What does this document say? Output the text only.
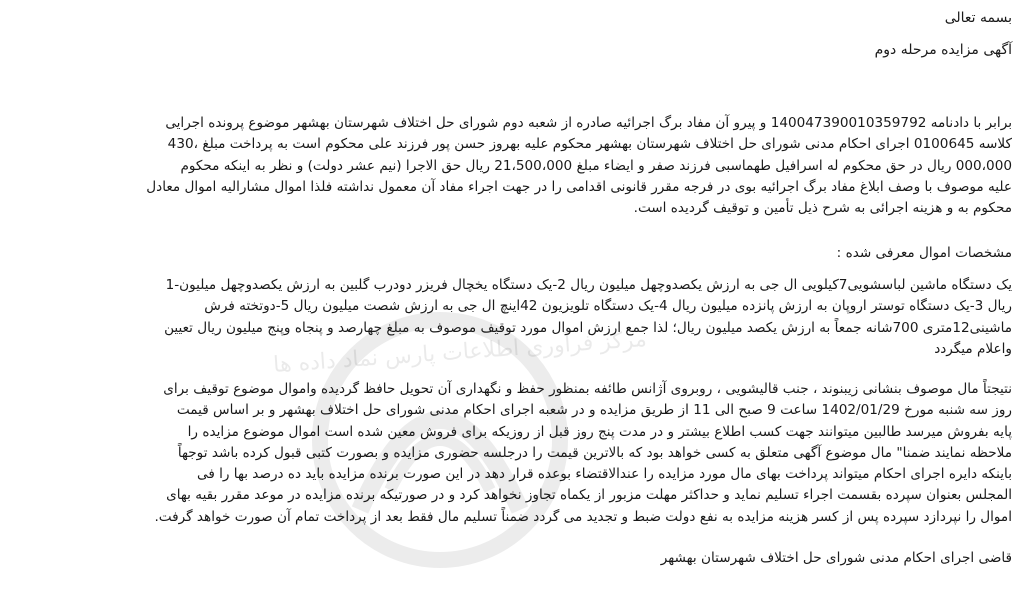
مرکز فرآوری اطلاعات پارس نماد داده ها
بسمه تعالی
آگهی مزایده مرحله دوم
برابر با دادنامه 140047390010359792 و پیرو آن مفاد برگ اجرائیه صادره از شعبه دوم شورای حل اختلاف شهرستان بهشهر موضوع پرونده اجرایی
کلاسه 0100645 اجرای احکام مدنی شورای حل اختلاف شهرستان بهشهر محکوم علیه بهروز حسن پور فرزند علی محکوم است به پرداخت مبلغ ،430
000،000 ریال در حق محکوم له اسرافیل طهماسبی فرزند صفر و ایضاء مبلغ 21،500،000 ریال حق الاجرا (نیم عشر دولت) و نظر به اینکه محکوم
علیه موصوف با وصف ابلاغ مفاد برگ اجرائیه بوی در فرجه مقرر قانونی اقدامی را در جهت اجراء مفاد آن معمول نداشته فلذا اموال مشارالیه اموال معادل
محکوم به و هزینه اجرائی به شرح ذیل تأمین و توقیف گردیده است.
مشخصات اموال معرفی شده :
یک دستگاه ماشین لباسشویی7کیلویی ال جی به ارزش یکصدوچهل میلیون ریال 2-یک دستگاه یخچال فریزر دودرب گلبین به ارزش یکصدوچهل میلیون-1
ریال 3-یک دستگاه توستر اروپان به ارزش پانزده میلیون ریال 4-یک دستگاه تلویزیون 42اینچ ال جی به ارزش شصت میلیون ریال 5-دوتخته فرش
ماشینی12متری 700شانه جمعاً به ارزش یکصد میلیون ریال؛ لذا جمع ارزش اموال مورد توقیف موصوف به مبلغ چهارصد و پنجاه وپنج میلیون ریال تعیین
واعلام میگردد
نتیجتاً مال موصوف بنشانی زیبنوند ، جنب قالیشویی ، روبروی آژانس طائفه بمنظور حفظ و نگهداری آن تحویل حافظ گردیده واموال موضوع توقیف برای
روز سه شنبه مورخ 1402/01/29 ساعت 9 صبح الی 11 از طریق مزایده و در شعبه اجرای احکام مدنی شورای حل اختلاف بهشهر و بر اساس قیمت
پایه بفروش میرسد طالبین میتوانند جهت کسب اطلاع بیشتر و در مدت پنج روز قبل از روزیکه برای فروش معین شده است اموال موضوع مزایده را
ملاحظه نمایند ضمنا" مال موضوع آگهی متعلق به کسی خواهد بود که بالاترین قیمت را درجلسه حضوری مزایده و بصورت کتبی قبول کرده باشد توجهاً
باینکه دایره اجرای احکام میتواند پرداخت بهای مال مورد مزایده را عندالاقتضاء بوعده قرار دهد در این صورت برنده مزایده باید ده درصد بها را فی
المجلس بعنوان سپرده بقسمت اجراء تسلیم نماید و حداکثر مهلت مزبور از یکماه تجاوز نخواهد کرد و در صورتیکه برنده مزایده در موعد مقرر بقیه بهای
اموال را نپردازد سپرده پس از کسر هزینه مزایده به نفع دولت ضبط و تجدید می گردد ضمناً تسلیم مال فقط بعد از پرداخت تمام آن صورت خواهد گرفت.
قاضی اجرای احکام مدنی شورای حل اختلاف شهرستان بهشهر
